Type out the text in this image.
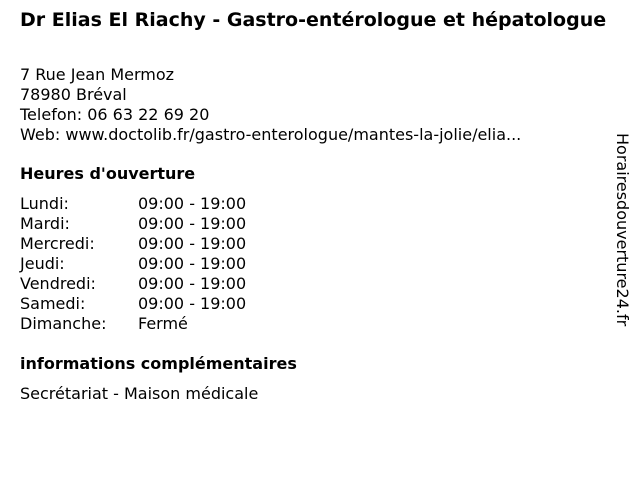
Dr Elias El Riachy - Gastro-entérologue et hépatologue
7 Rue Jean Mermoz
78980 Bréval
Telefon: 06 63 22 69 20
Web: www.doctolib.fr/gastro-enterologue/mantes-la-jolie/elia...
Heures d'ouverture
Lundi:	09:00 - 19:00
Mardi:	09:00 - 19:00
Mercredi:	09:00 - 19:00
Jeudi:	09:00 - 19:00
Vendredi:	09:00 - 19:00
Samedi:	09:00 - 19:00
Dimanche: Fermé
informations complémentaires
Secrétariat - Maison médicale
Horairesdouverture24.fr
